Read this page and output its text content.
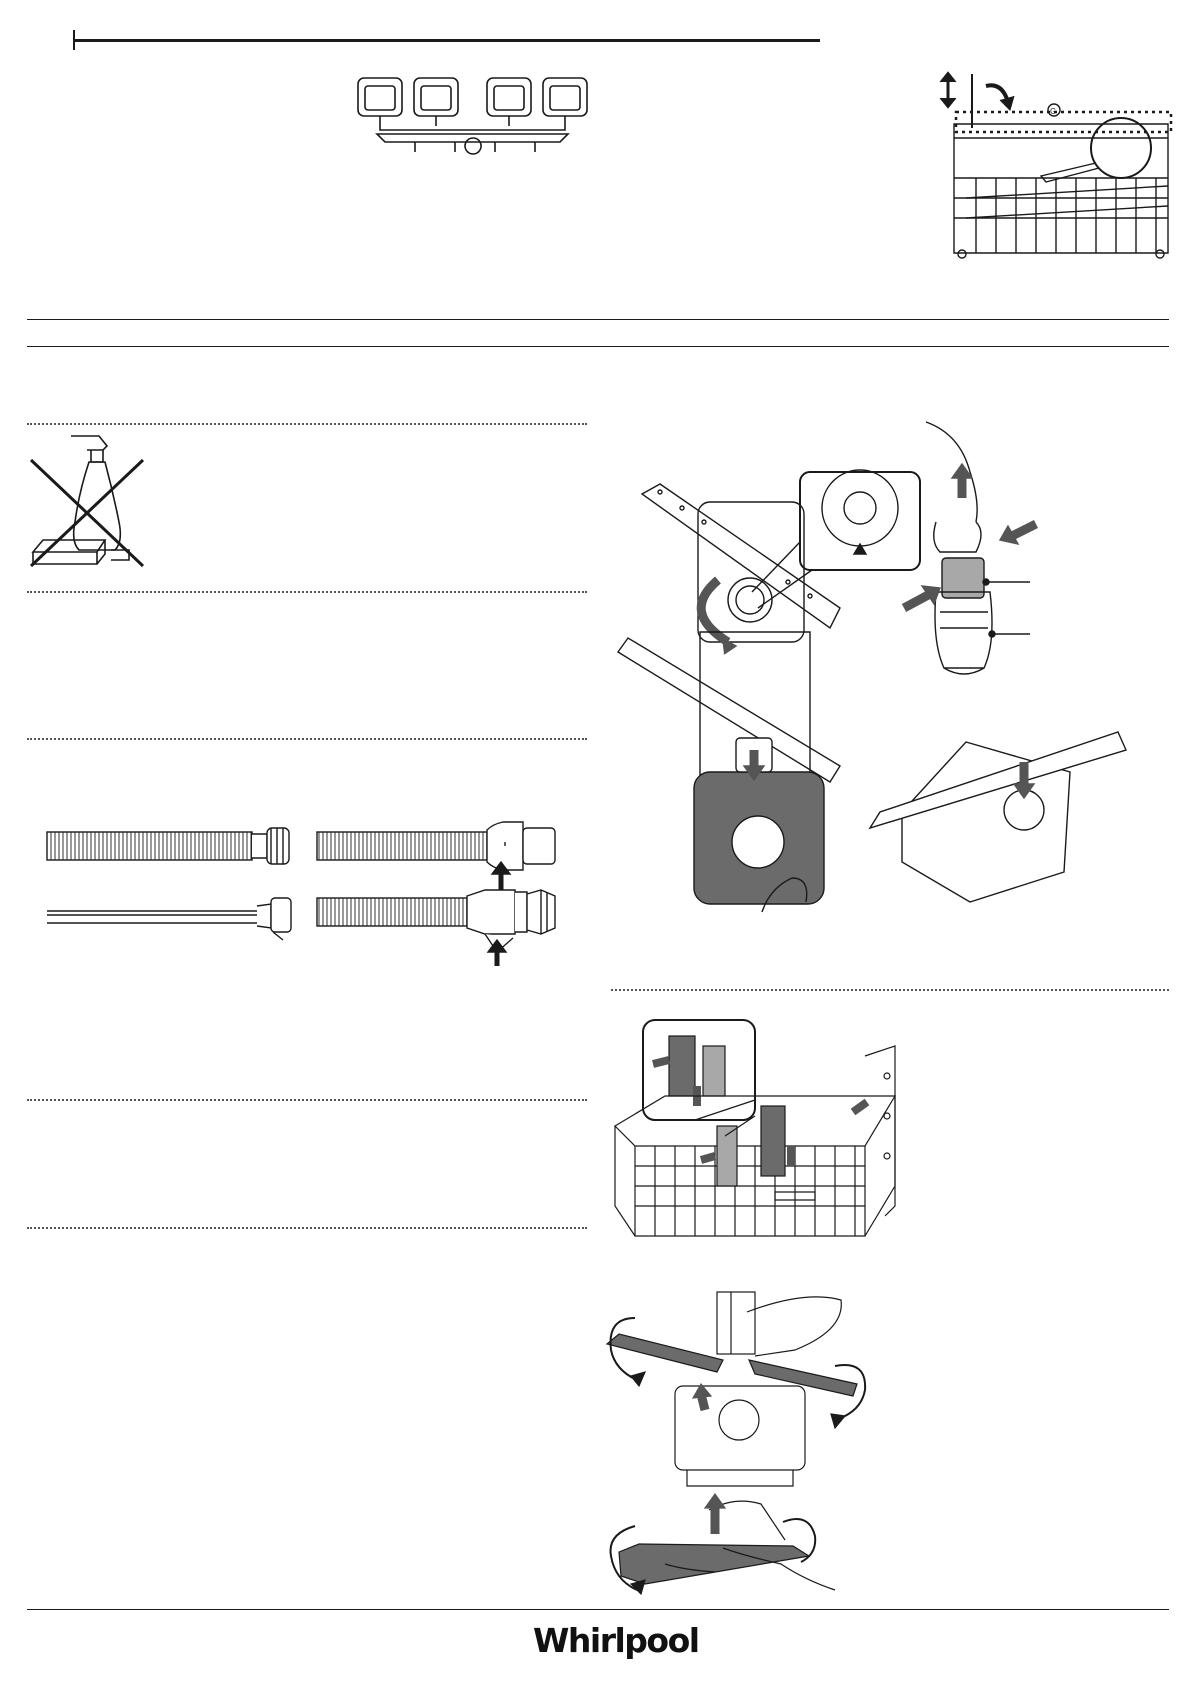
G
Whirlpool
